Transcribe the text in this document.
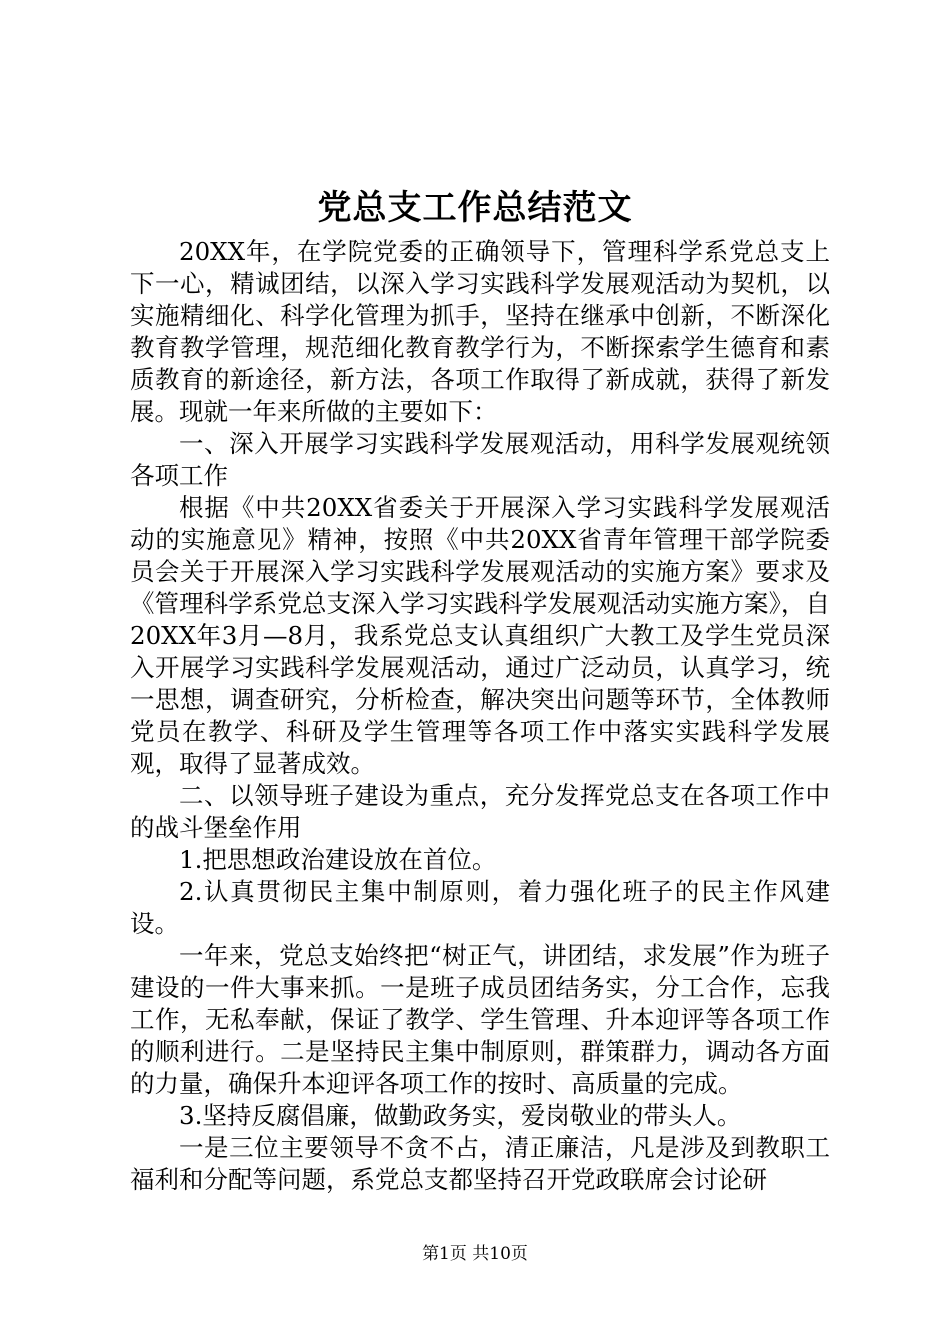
党总支工作总结范文

20XX年，在学院党委的正确领导下，管理科学系党总支上下一心，精诚团结，以深入学习实践科学发展观活动为契机，以实施精细化、科学化管理为抓手，坚持在继承中创新，不断深化教育教学管理，规范细化教育教学行为，不断探索学生德育和素质教育的新途径，新方法，各项工作取得了新成就，获得了新发展。现就一年来所做的主要如下：

一、深入开展学习实践科学发展观活动，用科学发展观统领各项工作

根据《中共20XX省委关于开展深入学习实践科学发展观活动的实施意见》精神，按照《中共20XX省青年管理干部学院委员会关于开展深入学习实践科学发展观活动的实施方案》要求及《管理科学系党总支深入学习实践科学发展观活动实施方案》，自20XX年3月—8月，我系党总支认真组织广大教工及学生党员深入开展学习实践科学发展观活动，通过广泛动员，认真学习，统一思想，调查研究，分析检查，解决突出问题等环节，全体教师党员在教学、科研及学生管理等各项工作中落实实践科学发展观，取得了显著成效。

二、以领导班子建设为重点，充分发挥党总支在各项工作中的战斗堡垒作用

1.把思想政治建设放在首位。

2.认真贯彻民主集中制原则，着力强化班子的民主作风建设。

一年来，党总支始终把“树正气，讲团结，求发展”作为班子建设的一件大事来抓。一是班子成员团结务实，分工合作，忘我工作，无私奉献，保证了教学、学生管理、升本迎评等各项工作的顺利进行。二是坚持民主集中制原则，群策群力，调动各方面的力量，确保升本迎评各项工作的按时、高质量的完成。

3.坚持反腐倡廉，做勤政务实，爱岗敬业的带头人。

一是三位主要领导不贪不占，清正廉洁，凡是涉及到教职工福利和分配等问题，系党总支都坚持召开党政联席会讨论研

第1页 共10页
